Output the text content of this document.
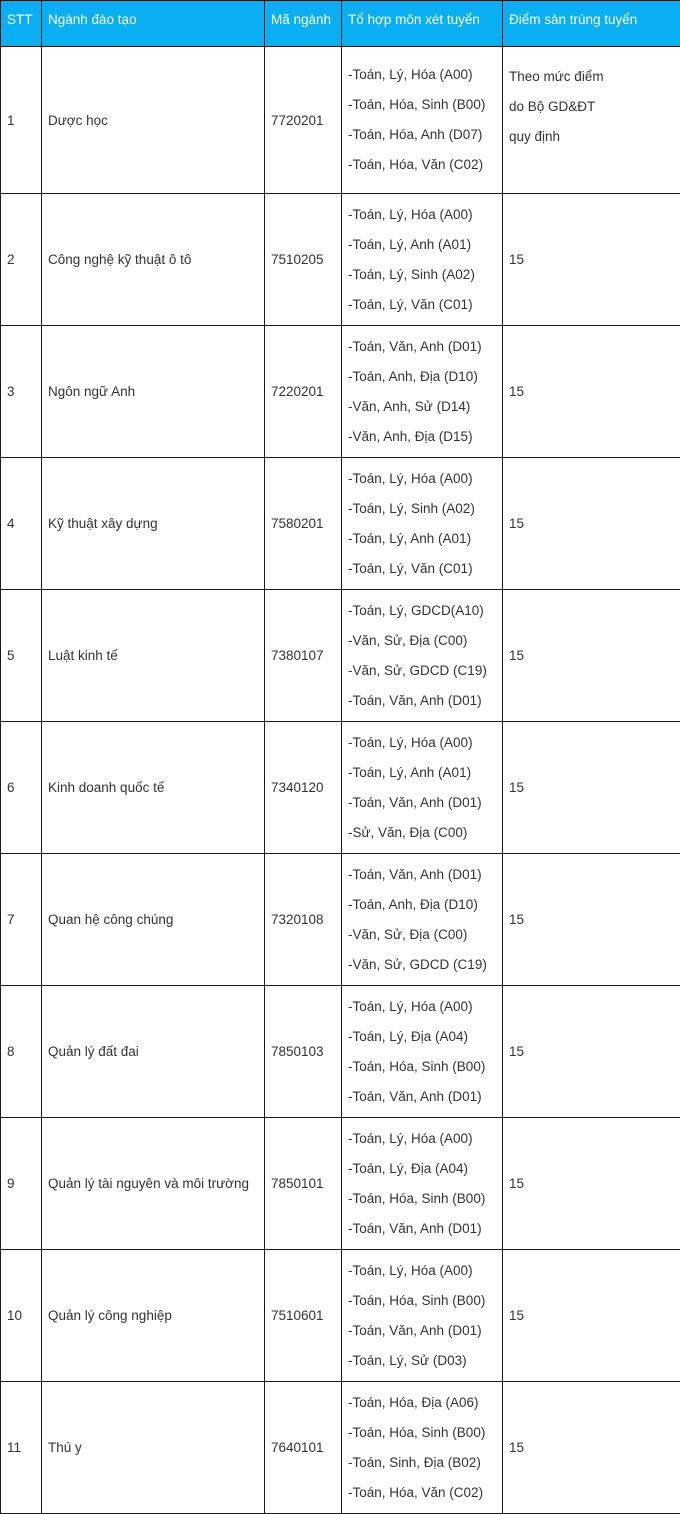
STT	Ngành đào tạo	Mã ngành	Tổ hợp môn xét tuyển	Điểm sàn trúng tuyển
1	Dược học	7720201	-Toán, Lý, Hóa (A00)
-Toán, Hóa, Sinh (B00)
-Toán, Hóa, Anh (D07)
-Toán, Hóa, Văn (C02)	Theo mức điểm
do Bộ GD&ĐT
quy định

2	Công nghệ kỹ thuật ô tô	7510205	-Toán, Lý, Hóa (A00)
-Toán, Lý, Anh (A01)
-Toán, Lý, Sinh (A02)
-Toán, Lý, Văn (C01)	15

3	Ngôn ngữ Anh	7220201	-Toán, Văn, Anh (D01)
-Toán, Anh, Địa (D10)
-Văn, Anh, Sử (D14)
-Văn, Anh, Địa (D15)	15

4	Kỹ thuật xây dựng	7580201	-Toán, Lý, Hóa (A00)
-Toán, Lý, Sinh (A02)
-Toán, Lý, Anh (A01)
-Toán, Lý, Văn (C01)	15

5	Luật kinh tế	7380107	-Toán, Lý, GDCD(A10)
-Văn, Sử, Địa (C00)
-Văn, Sử, GDCD (C19)
-Toán, Văn, Anh (D01)	15

6	Kinh doanh quốc tế	7340120	-Toán, Lý, Hóa (A00)
-Toán, Lý, Anh (A01)
-Toán, Văn, Anh (D01)
-Sử, Văn, Địa (C00)	15

7	Quan hệ công chúng	7320108	-Toán, Văn, Anh (D01)
-Toán, Anh, Địa (D10)
-Văn, Sử, Địa (C00)
-Văn, Sử, GDCD (C19)	15

8	Quản lý đất đai	7850103	-Toán, Lý, Hóa (A00)
-Toán, Lý, Địa (A04)
-Toán, Hóa, Sinh (B00)
-Toán, Văn, Anh (D01)	15

9	Quản lý tài nguyên và môi trường	7850101	-Toán, Lý, Hóa (A00)
-Toán, Lý, Địa (A04)
-Toán, Hóa, Sinh (B00)
-Toán, Văn, Anh (D01)	15

10	Quản lý công nghiệp	7510601	-Toán, Lý, Hóa (A00)
-Toán, Hóa, Sinh (B00)
-Toán, Văn, Anh (D01)
-Toán, Lý, Sử (D03)	15

11	Thú y	7640101	-Toán, Hóa, Địa (A06)
-Toán, Hóa, Sinh (B00)
-Toán, Sinh, Địa (B02)
-Toán, Hóa, Văn (C02)	15
